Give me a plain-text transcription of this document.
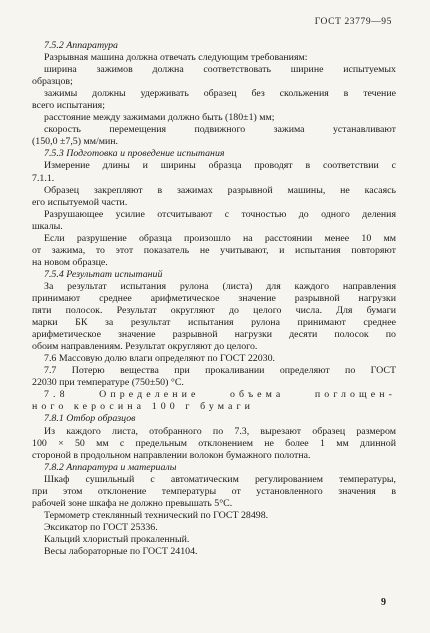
ГОСТ 23779—95

7.5.2 Аппаратура

Разрывная машина должна отвечать следующим требованиям:

ширина зажимов должна соответствовать ширине испытуемых

образцов;

зажимы должны удерживать образец без скольжения в течение

всего испытания;

расстояние между зажимами должно быть (180±1) мм;

скорость перемещения подвижного зажима устанавливают

(150,0 ±7,5) мм/мин.

7.5.3 Подготовка и проведение испытания

Измерение длины и ширины образца проводят в соответствии с

7.1.1.

Образец закрепляют в зажимах разрывной машины, не касаясь

его испытуемой части.

Разрушающее усилие отсчитывают с точностью до одного деления

шкалы.

Если разрушение образца произошло на расстоянии менее 10 мм

от зажима, то этот показатель не учитывают, и испытания повторяют

на новом образце.

7.5.4 Результат испытаний

За результат испытания рулона (листа) для каждого направления

принимают среднее арифметическое значение разрывной нагрузки

пяти полосок. Результат округляют до целого числа. Для бумаги

марки БК за результат испытания рулона принимают среднее

арифметическое значение разрывной нагрузки десяти полосок по

обоим направлениям. Результат округляют до целого.

7.6 Массовую долю влаги определяют по ГОСТ 22030.

7.7 Потерю вещества при прокаливании определяют по ГОСТ

22030 при температуре (750±50) °С.

7.8 Определение объема поглощен-

ного керосина 100 г бумаги

7.8.1 Отбор образцов

Из каждого листа, отобранного по 7.3, вырезают образец размером

100 × 50 мм с предельным отклонением не более 1 мм длинной

стороной в продольном направлении волокон бумажного полотна.

7.8.2 Аппаратура и материалы

Шкаф сушильный с автоматическим регулированием температуры,

при этом отклонение температуры от установленного значения в

рабочей зоне шкафа не должно превышать 5°С.

Термометр стеклянный технический по ГОСТ 28498.

Эксикатор по ГОСТ 25336.

Кальций хлористый прокаленный.

Весы лабораторные по ГОСТ 24104.

9
